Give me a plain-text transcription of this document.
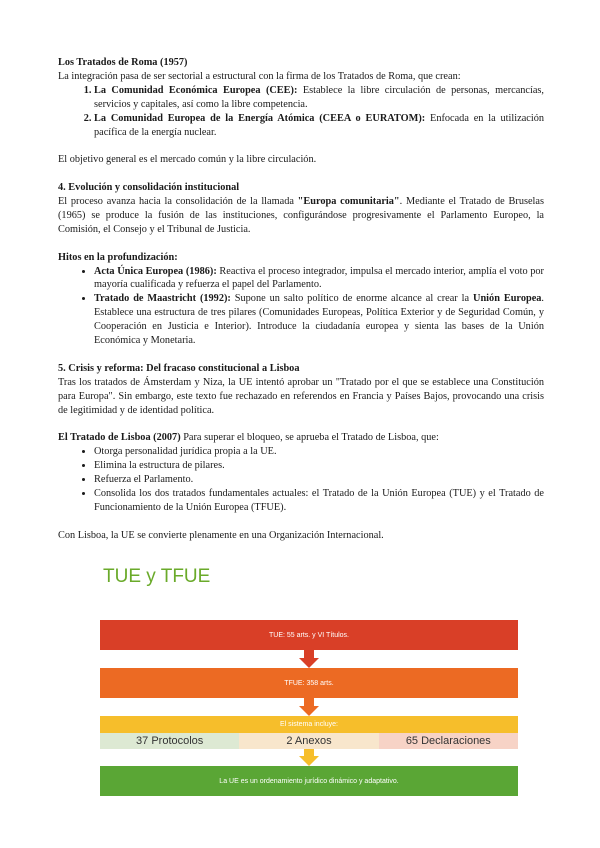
Los Tratados de Roma (1957)

La integración pasa de ser sectorial a estructural con la firma de los Tratados de Roma, que crean:

1. La Comunidad Económica Europea (CEE): Establece la libre circulación de personas, mercancías, servicios y capitales, así como la libre competencia.
2. La Comunidad Europea de la Energía Atómica (CEEA o EURATOM): Enfocada en la utilización pacífica de la energía nuclear.

El objetivo general es el mercado común y la libre circulación.

4. Evolución y consolidación institucional

El proceso avanza hacia la consolidación de la llamada "Europa comunitaria". Mediante el Tratado de Bruselas (1965) se produce la fusión de las instituciones, configurándose progresivamente el Parlamento Europeo, la Comisión, el Consejo y el Tribunal de Justicia.

Hitos en la profundización:

• Acta Única Europea (1986): Reactiva el proceso integrador, impulsa el mercado interior, amplía el voto por mayoría cualificada y refuerza el papel del Parlamento.
• Tratado de Maastricht (1992): Supone un salto político de enorme alcance al crear la Unión Europea. Establece una estructura de tres pilares (Comunidades Europeas, Política Exterior y de Seguridad Común, y Cooperación en Justicia e Interior). Introduce la ciudadanía europea y sienta las bases de la Unión Económica y Monetaria.

5. Crisis y reforma: Del fracaso constitucional a Lisboa

Tras los tratados de Ámsterdam y Niza, la UE intentó aprobar un "Tratado por el que se establece una Constitución para Europa". Sin embargo, este texto fue rechazado en referendos en Francia y Países Bajos, provocando una crisis de legitimidad y de identidad política.

El Tratado de Lisboa (2007) Para superar el bloqueo, se aprueba el Tratado de Lisboa, que:

• Otorga personalidad jurídica propia a la UE.
• Elimina la estructura de pilares.
• Refuerza el Parlamento.
• Consolida los dos tratados fundamentales actuales: el Tratado de la Unión Europea (TUE) y el Tratado de Funcionamiento de la Unión Europea (TFUE).

Con Lisboa, la UE se convierte plenamente en una Organización Internacional.

TUE y TFUE
TUE: 55 arts. y VI Títulos.
TFUE: 358 arts.
El sistema incluye:
37 Protocolos	2 Anexos	65 Declaraciones
La UE es un ordenamiento jurídico dinámico y adaptativo.
